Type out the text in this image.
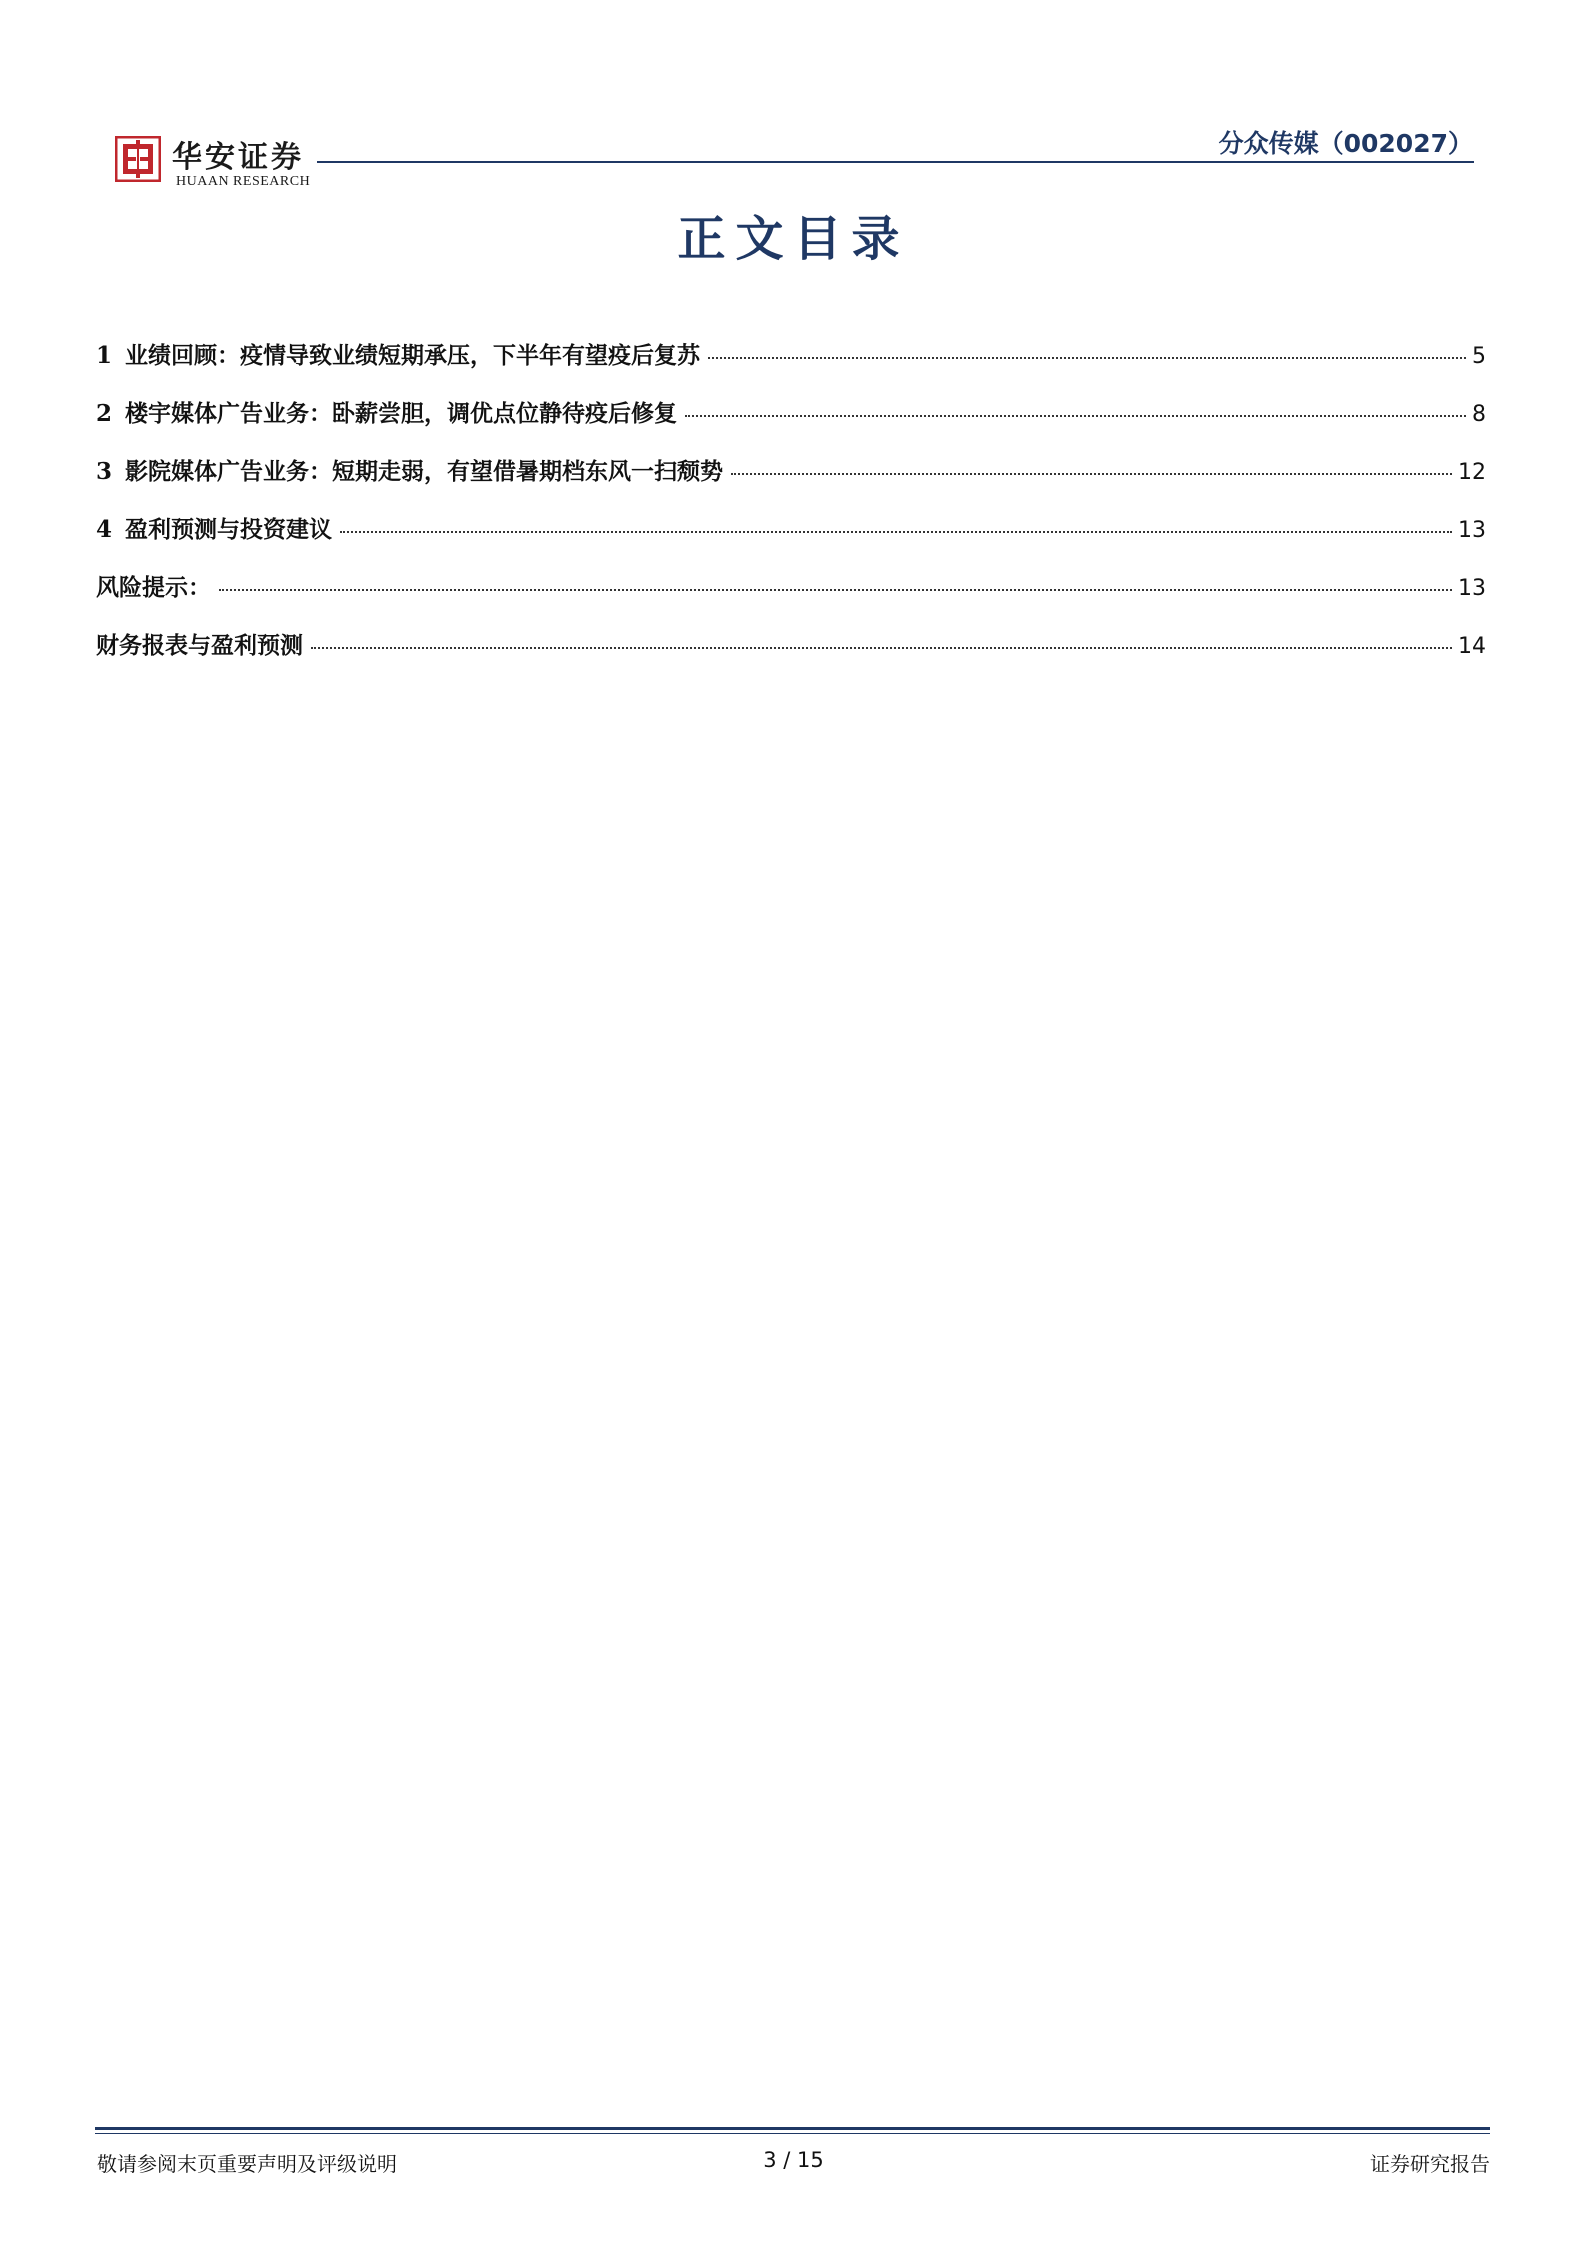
华安证券
HUAAN RESEARCH
分众传媒（002027）
正文目录
1 业绩回顾：疫情导致业绩短期承压，下半年有望疫后复苏	5
2 楼宇媒体广告业务：卧薪尝胆，调优点位静待疫后修复	8
3 影院媒体广告业务：短期走弱，有望借暑期档东风一扫颓势	12
4 盈利预测与投资建议	13
风险提示：	13
财务报表与盈利预测	14
敬请参阅末页重要声明及评级说明	3 / 15	证券研究报告
